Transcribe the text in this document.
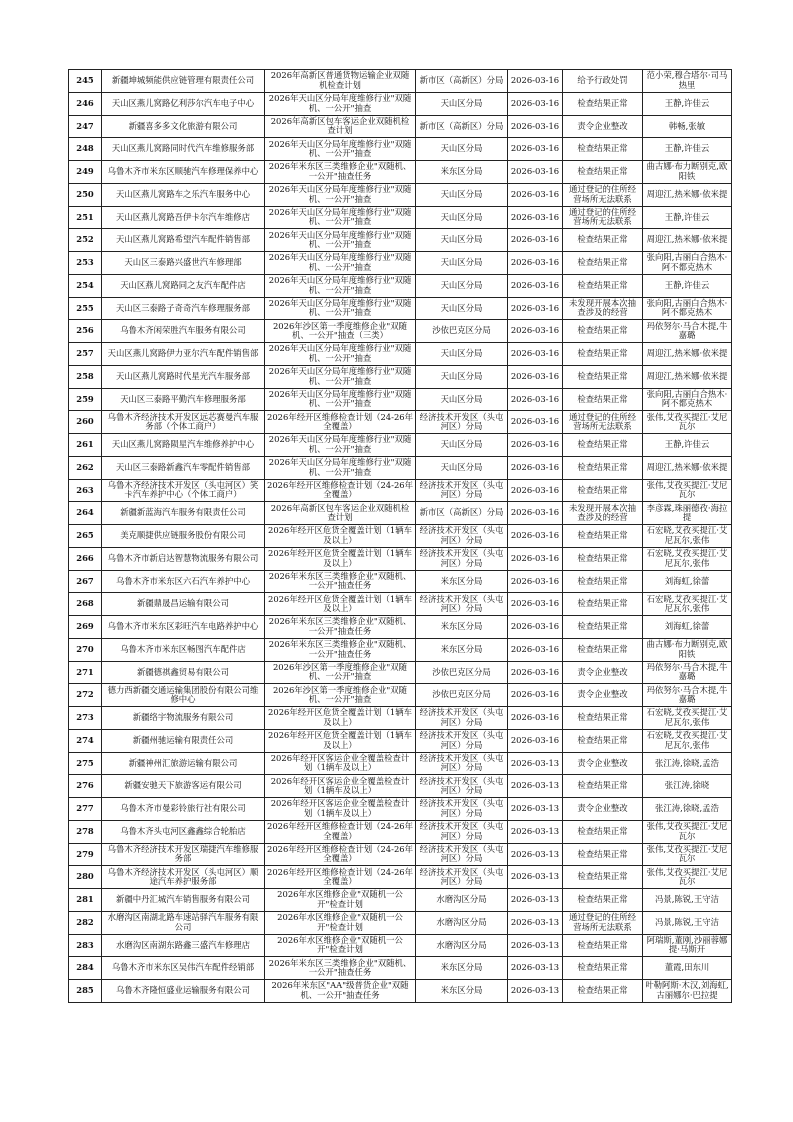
245	新疆坤城频能供应链管理有限责任公司	2026年高新区普通货物运输企业双随机检查计划	新市区（高新区）分局	2026-03-16	给予行政处罚	范小荣,穆合塔尔·司马热里
246	天山区燕儿窝路亿利莎尔汽车电子中心	2026年天山区分局年度维修行业"双随机、一公开"抽查	天山区分局	2026-03-16	检查结果正常	王静,许佳云
247	新疆喜多多文化旅游有限公司	2026年高新区包车客运企业双随机检查计划	新市区（高新区）分局	2026-03-16	责令企业整改	韩畅,张敏
248	天山区燕儿窝路同时代汽车维修服务部	2026年天山区分局年度维修行业"双随机、一公开"抽查	天山区分局	2026-03-16	检查结果正常	王静,许佳云
249	乌鲁木齐市米东区顺驰汽车修理保养中心	2026年米东区三类维修企业"双随机、一公开"抽查任务	米东区分局	2026-03-16	检查结果正常	曲古娜·布力断别克,欧阳铁
250	天山区燕儿窝路车之乐汽车服务中心	2026年天山区分局年度维修行业"双随机、一公开"抽查	天山区分局	2026-03-16	通过登记的住所经营场所无法联系	周迎江,热米娜·依米提
251	天山区燕儿窝路吾伊卡尔汽车维修店	2026年天山区分局年度维修行业"双随机、一公开"抽查	天山区分局	2026-03-16	通过登记的住所经营场所无法联系	王静,许佳云
252	天山区燕儿窝路希望汽车配件销售部	2026年天山区分局年度维修行业"双随机、一公开"抽查	天山区分局	2026-03-16	检查结果正常	周迎江,热米娜·依米提
253	天山区三泰路兴盛世汽车修理部	2026年天山区分局年度维修行业"双随机、一公开"抽查	天山区分局	2026-03-16	检查结果正常	张向阳,古丽白合热木·阿不都克热木
254	天山区燕儿窝路同之友汽车配件店	2026年天山区分局年度维修行业"双随机、一公开"抽查	天山区分局	2026-03-16	检查结果正常	王静,许佳云
255	天山区三泰路子奇奇汽车修理服务部	2026年天山区分局年度维修行业"双随机、一公开"抽查	天山区分局	2026-03-16	未发现开展本次抽查涉及的经营	张向阳,古丽白合热木·阿不都克热木
256	乌鲁木齐闲荣胜汽车服务有限公司	2026年沙区第一季度维修企业"双随机、一公开"抽查（三类）	沙依巴克区分局	2026-03-16	检查结果正常	玛依努尔·马合木提,牛嘉璐
257	天山区燕儿窝路伊力亚尔汽车配件销售部	2026年天山区分局年度维修行业"双随机、一公开"抽查	天山区分局	2026-03-16	检查结果正常	周迎江,热米娜·依米提
258	天山区燕儿窝路时代星光汽车服务部	2026年天山区分局年度维修行业"双随机、一公开"抽查	天山区分局	2026-03-16	检查结果正常	周迎江,热米娜·依米提
259	天山区三泰路平勤汽车修理服务部	2026年天山区分局年度维修行业"双随机、一公开"抽查	天山区分局	2026-03-16	检查结果正常	张向阳,古丽白合热木·阿不都克热木
260	乌鲁木齐经济技术开发区远芯赛曼汽车服务部（个体工商户）	2026年经开区维修检查计划（24-26年全覆盖）	经济技术开发区（头屯河区）分局	2026-03-16	通过登记的住所经营场所无法联系	张伟,艾孜买提江·艾尼瓦尔
261	天山区燕儿窝路陨星汽车维修养护中心	2026年天山区分局年度维修行业"双随机、一公开"抽查	天山区分局	2026-03-16	检查结果正常	王静,许佳云
262	天山区三泰路新鑫汽车零配件销售部	2026年天山区分局年度维修行业"双随机、一公开"抽查	天山区分局	2026-03-16	检查结果正常	周迎江,热米娜·依米提
263	乌鲁木齐经济技术开发区（头屯河区）笑卡汽车养护中心（个体工商户）	2026年经开区维修检查计划（24-26年全覆盖）	经济技术开发区（头屯河区）分局	2026-03-16	检查结果正常	张伟,艾孜买提江·艾尼瓦尔
264	新疆新蓝海汽车服务有限责任公司	2026年高新区包车客运企业双随机检查计划	新市区（高新区）分局	2026-03-16	未发现开展本次抽查涉及的经营	李彦霖,珠丽德孜·海拉提
265	美克顺捷供应链服务股份有限公司	2026年经开区危货全覆盖计划（1辆车及以上）	经济技术开发区（头屯河区）分局	2026-03-16	检查结果正常	石宏晓,艾孜买提江·艾尼瓦尔,张伟
266	乌鲁木齐市新启达智慧物流服务有限公司	2026年经开区危货全覆盖计划（1辆车及以上）	经济技术开发区（头屯河区）分局	2026-03-16	检查结果正常	石宏晓,艾孜买提江·艾尼瓦尔,张伟
267	乌鲁木齐市米东区六石汽车养护中心	2026年米东区三类维修企业"双随机、一公开"抽查任务	米东区分局	2026-03-16	检查结果正常	刘海虹,徐蕾
268	新疆鼎晟昌运输有限公司	2026年经开区危货全覆盖计划（1辆车及以上）	经济技术开发区（头屯河区）分局	2026-03-16	检查结果正常	石宏晓,艾孜买提江·艾尼瓦尔,张伟
269	乌鲁木齐市米东区彩旺汽车电路养护中心	2026年米东区三类维修企业"双随机、一公开"抽查任务	米东区分局	2026-03-16	检查结果正常	刘海虹,徐蕾
270	乌鲁木齐市米东区畅图汽车配件店	2026年米东区三类维修企业"双随机、一公开"抽查任务	米东区分局	2026-03-16	检查结果正常	曲古娜·布力断别克,欧阳铁
271	新疆德祺鑫贸易有限公司	2026年沙区第一季度维修企业"双随机、一公开"抽查	沙依巴克区分局	2026-03-16	责令企业整改	玛依努尔·马合木提,牛嘉璐
272	德力西新疆交通运输集团股份有限公司维修中心	2026年沙区第一季度维修企业"双随机、一公开"抽查	沙依巴克区分局	2026-03-16	责令企业整改	玛依努尔·马合木提,牛嘉璐
273	新疆络宇物流服务有限公司	2026年经开区危货全覆盖计划（1辆车及以上）	经济技术开发区（头屯河区）分局	2026-03-16	检查结果正常	石宏晓,艾孜买提江·艾尼瓦尔,张伟
274	新疆州驰运输有限责任公司	2026年经开区危货全覆盖计划（1辆车及以上）	经济技术开发区（头屯河区）分局	2026-03-16	检查结果正常	石宏晓,艾孜买提江·艾尼瓦尔,张伟
275	新疆神州汇旅游运输有限公司	2026年经开区客运企业全覆盖检查计划（1辆车及以上）	经济技术开发区（头屯河区）分局	2026-03-13	责令企业整改	张江涛,徐晓,孟浩
276	新疆安驰天下旅游客运有限公司	2026年经开区客运企业全覆盖检查计划（1辆车及以上）	经济技术开发区（头屯河区）分局	2026-03-13	检查结果正常	张江涛,徐晓
277	乌鲁木齐市曼彩铃旅行社有限公司	2026年经开区客运企业全覆盖检查计划（1辆车及以上）	经济技术开发区（头屯河区）分局	2026-03-13	责令企业整改	张江涛,徐晓,孟浩
278	乌鲁木齐头屯河区鑫鑫综合轮胎店	2026年经开区维修检查计划（24-26年全覆盖）	经济技术开发区（头屯河区）分局	2026-03-13	检查结果正常	张伟,艾孜买提江·艾尼瓦尔
279	乌鲁木齐经济技术开发区瑞捷汽车维修服务部	2026年经开区维修检查计划（24-26年全覆盖）	经济技术开发区（头屯河区）分局	2026-03-13	检查结果正常	张伟,艾孜买提江·艾尼瓦尔
280	乌鲁木齐经济技术开发区（头屯河区）顺途汽车养护服务部	2026年经开区维修检查计划（24-26年全覆盖）	经济技术开发区（头屯河区）分局	2026-03-13	检查结果正常	张伟,艾孜买提江·艾尼瓦尔
281	新疆中丹汇城汽车销售服务有限公司	2026年水区维修企业"双随机一公开"检查计划	水磨沟区分局	2026-03-13	检查结果正常	冯景,陈锐,王守洁
282	水磨沟区南湖北路车速站驿汽车服务有限公司	2026年水区维修企业"双随机一公开"检查计划	水磨沟区分局	2026-03-13	通过登记的住所经营场所无法联系	冯景,陈锐,王守洁
283	水磨沟区南湖东路鑫三盛汽车修理店	2026年水区维修企业"双随机一公开"检查计划	水磨沟区分局	2026-03-13	检查结果正常	阿瑞斯,董刚,沙丽蓉娜提·马斯开
284	乌鲁木齐市米东区吴伟汽车配件经销部	2026年米东区三类维修企业"双随机、一公开"抽查任务	米东区分局	2026-03-13	检查结果正常	董霞,田东川
285	乌鲁木齐隆恒盛业运输服务有限公司	2026年米东区"AA"级普货企业"双随机、一公开"抽查任务	米东区分局	2026-03-13	检查结果正常	叶勒阿斯·木汉,刘海虹,古丽娜尔·巴拉提
